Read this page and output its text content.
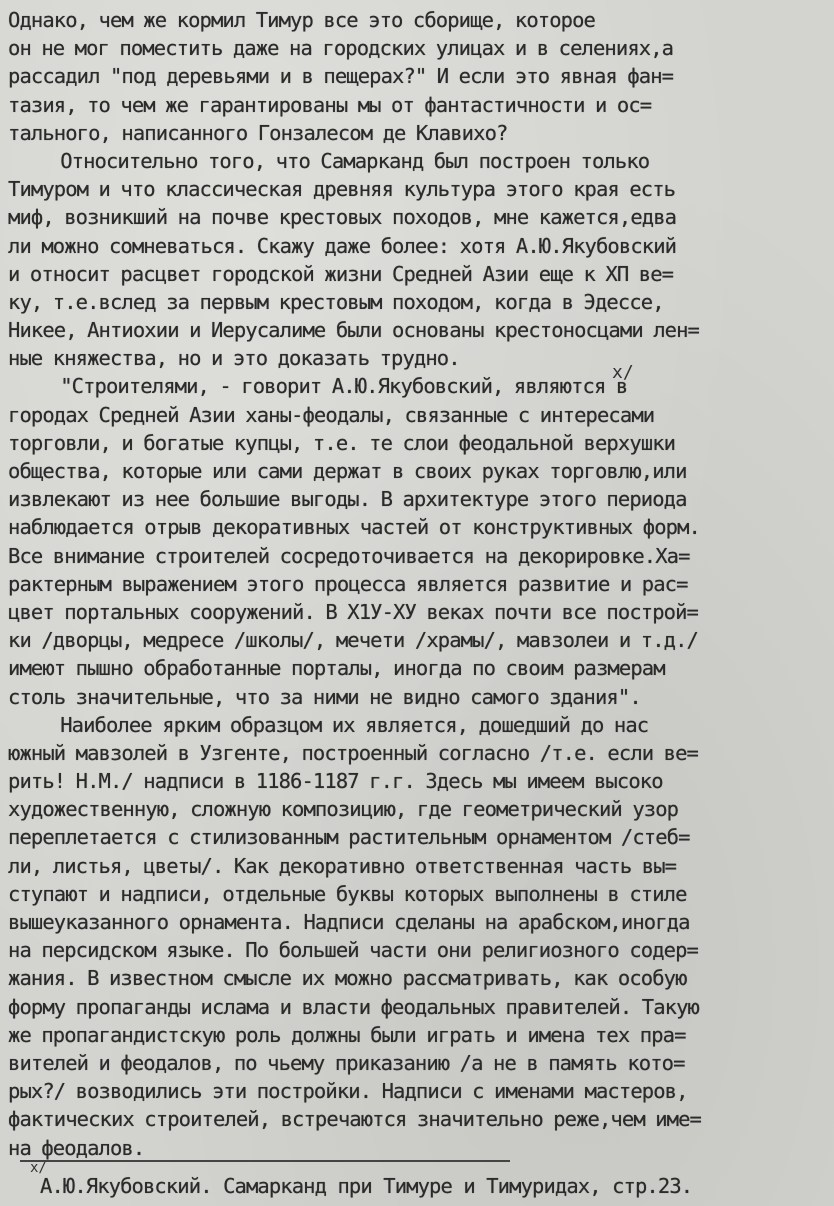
Однако, чем же кормил Тимур все это сборище, которое
он не мог поместить даже на городских улицах и в селениях,а
рассадил "под деревьями и в пещерах?" И если это явная фан=
тазия, то чем же гарантированы мы от фантастичности и ос=
тального, написанного Гонзалесом де Клавихо?
Относительно того, что Самарканд был построен только
Тимуром и что классическая древняя культура этого края есть
миф, возникший на почве крестовых походов, мне кажется,едва
ли можно сомневаться. Скажу даже более: хотя А.Ю.Якубовский
и относит расцвет городской жизни Средней Азии еще к XП ве=
ку, т.е.вслед за первым крестовым походом, когда в Эдессе,
Никее, Антиохии и Иерусалиме были основаны крестоносцами лен=
ные княжества, но и это доказать трудно.
"Строителями, - говорит А.Ю.Якубовский, являются в
городах Средней Азии ханы-феодалы, связанные с интересами
торговли, и богатые купцы, т.е. те слои феодальной верхушки
общества, которые или сами держат в своих руках торговлю,или
извлекают из нее большие выгоды. В архитектуре этого периода
наблюдается отрыв декоративных частей от конструктивных форм.
Все внимание строителей сосредоточивается на декорировке.Ха=
рактерным выражением этого процесса является развитие и рас=
цвет портальных сооружений. В Х1У-ХУ веках почти все построй=
ки /дворцы, медресе /школы/, мечети /храмы/, мавзолеи и т.д./
имеют пышно обработанные порталы, иногда по своим размерам
столь значительные, что за ними не видно самого здания".
Наиболее ярким образцом их является, дошедший до нас
южный мавзолей в Узгенте, построенный согласно /т.е. если ве=
рить! Н.М./ надписи в 1186-1187 г.г. Здесь мы имеем высоко
художественную, сложную композицию, где геометрический узор
переплетается с стилизованным растительным орнаментом /стеб=
ли, листья, цветы/. Как декоративно ответственная часть вы=
ступают и надписи, отдельные буквы которых выполнены в стиле
вышеуказанного орнамента. Надписи сделаны на арабском,иногда
на персидском языке. По большей части они религиозного содер=
жания. В известном смысле их можно рассматривать, как особую
форму пропаганды ислама и власти феодальных правителей. Такую
же пропагандистскую роль должны были играть и имена тех пра=
вителей и феодалов, по чьему приказанию /а не в память кото=
рых?/ возводились эти постройки. Надписи с именами мастеров,
фактических строителей, встречаются значительно реже,чем име=
на феодалов.
x/
x/
А.Ю.Якубовский. Самарканд при Тимуре и Тимуридах, стр.23.
